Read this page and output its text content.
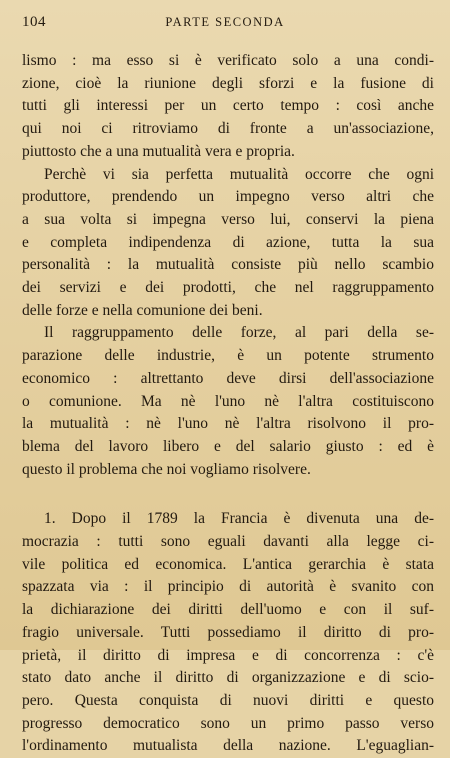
104	PARTE SECONDA
lismo : ma esso si è verificato solo a una condi-
zione, cioè la riunione degli sforzi e la fusione di
tutti gli interessi per un certo tempo : così anche
qui noi ci ritroviamo di fronte a un'associazione,
piuttosto che a una mutualità vera e propria.
Perchè vi sia perfetta mutualità occorre che ogni
produttore, prendendo un impegno verso altri che
a sua volta si impegna verso lui, conservi la piena
e completa indipendenza di azione, tutta la sua
personalità : la mutualità consiste più nello scambio
dei servizi e dei prodotti, che nel raggruppamento
delle forze e nella comunione dei beni.
Il raggruppamento delle forze, al pari della se-
parazione delle industrie, è un potente strumento
economico : altrettanto deve dirsi dell'associazione
o comunione. Ma nè l'uno nè l'altra costituiscono
la mutualità : nè l'uno nè l'altra risolvono il pro-
blema del lavoro libero e del salario giusto : ed è
questo il problema che noi vogliamo risolvere.
1. Dopo il 1789 la Francia è divenuta una de-
mocrazia : tutti sono eguali davanti alla legge ci-
vile politica ed economica. L'antica gerarchia è stata
spazzata via : il principio di autorità è svanito con
la dichiarazione dei diritti dell'uomo e con il suf-
fragio universale. Tutti possediamo il diritto di pro-
prietà, il diritto di impresa e di concorrenza : c'è
stato dato anche il diritto di organizzazione e di scio-
pero. Questa conquista di nuovi diritti e questo
progresso democratico sono un primo passo verso
l'ordinamento mutualista della nazione. L'eguaglian-
